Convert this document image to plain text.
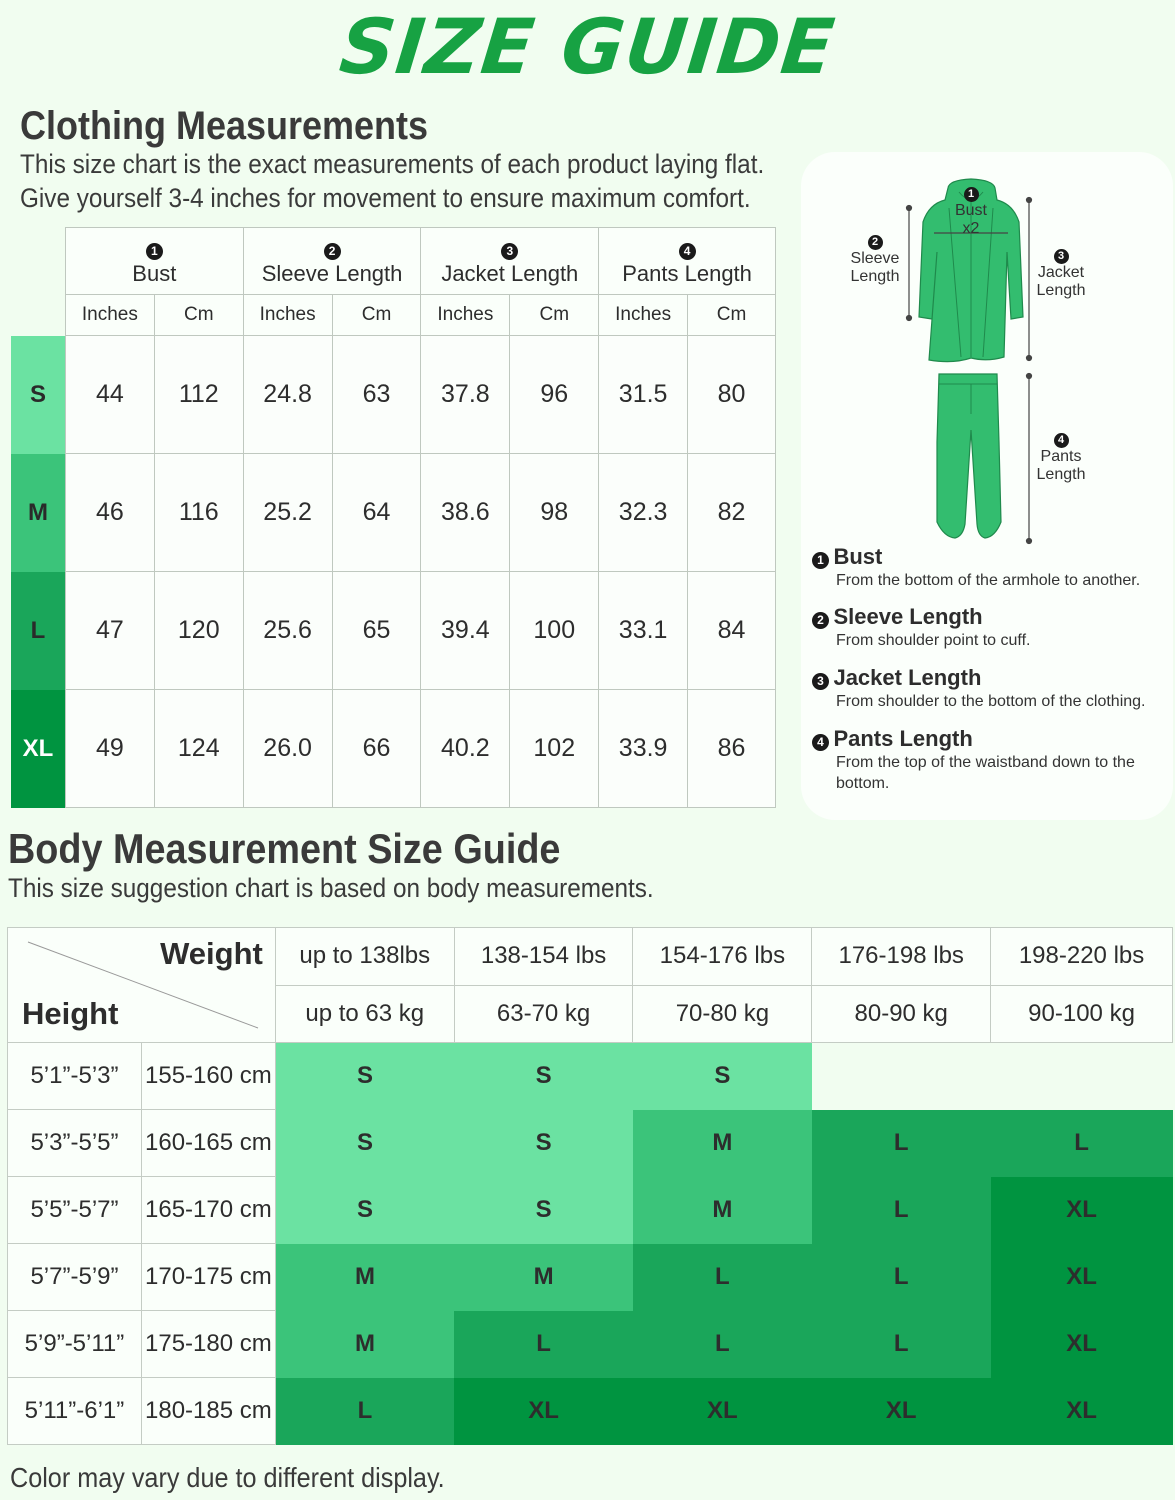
SIZE GUIDE
Clothing Measurements
This size chart is the exact measurements of each product laying flat.
Give yourself 3-4 inches for movement to ensure maximum comfort.
	1
Bust		2
Sleeve Length		3
Jacket Length		4
Pants Length	
	Inches	Cm	Inches	Cm	Inches	Cm	Inches	Cm
S	44	112	24.8	63	37.8	96	31.5	80
M	46	116	25.2	64	38.6	98	32.3	82
L	47	120	25.6	65	39.4	100	33.1	84
XL	49	124	26.0	66	40.2	102	33.9	86
1
Bust
x2
2
Sleeve
Length
3
Jacket
Length
4
Pants
Length
1 Bust
From the bottom of the armhole to another.
2 Sleeve Length
From shoulder point to cuff.
3 Jacket Length
From shoulder to the bottom of the clothing.
4 Pants Length
From the top of the waistband down to the
bottom.
Body Measurement Size Guide
This size suggestion chart is based on body measurements.
Weight
Height		up to 138lbs	138-154 lbs	154-176 lbs	176-198 lbs	198-220 lbs
		up to 63 kg	63-70 kg	70-80 kg	80-90 kg	90-100 kg
5’1”-5’3”	155-160 cm	S	S	S		
5’3”-5’5”	160-165 cm	S	S	M	L	L
5’5”-5’7”	165-170 cm	S	S	M	L	XL
5’7”-5’9”	170-175 cm	M	M	L	L	XL
5’9”-5’11”	175-180 cm	M	L	L	L	XL
5’11”-6’1”	180-185 cm	L	XL	XL	XL	XL
Color may vary due to different display.
